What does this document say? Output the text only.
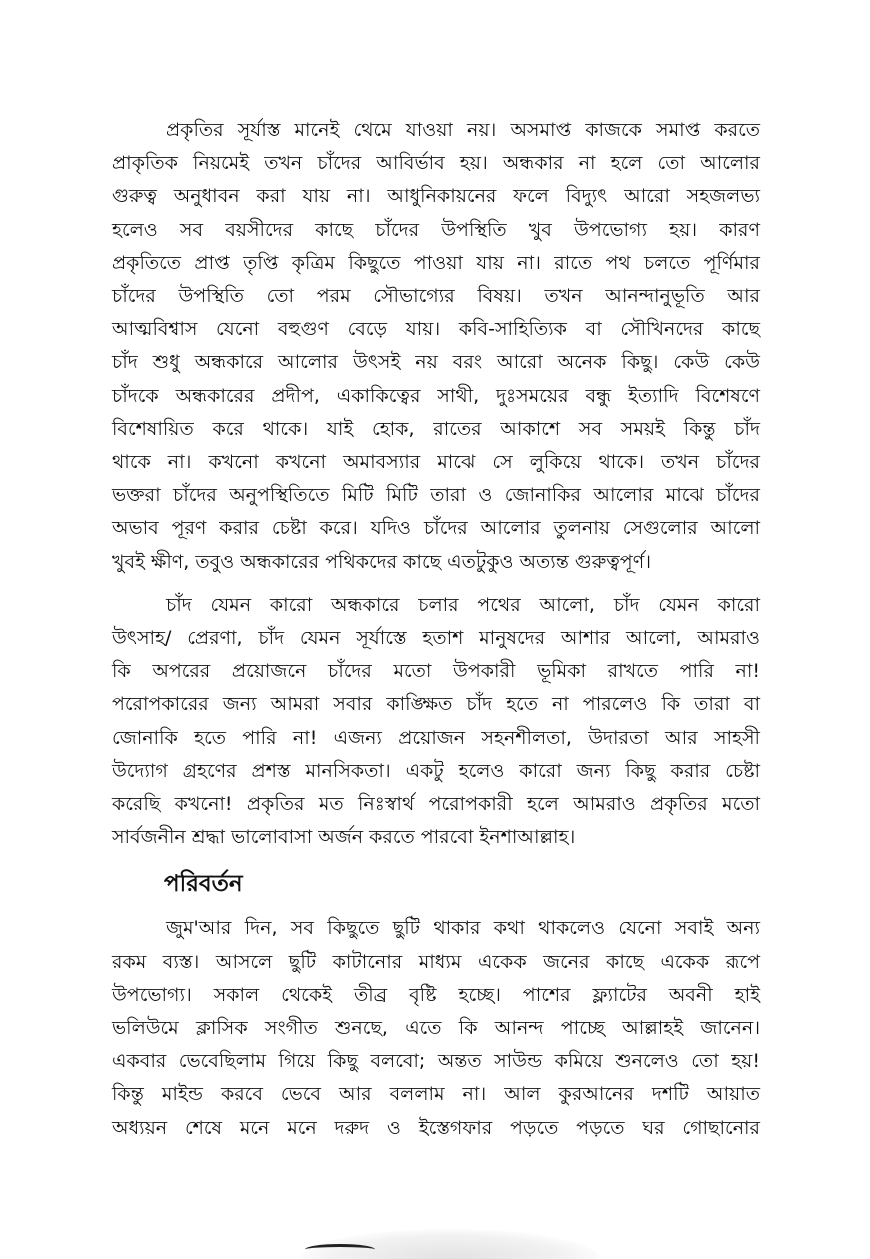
প্রকৃতির সূর্যাস্ত মানেই থেমে যাওয়া নয়। অসমাপ্ত কাজকে সমাপ্ত করতে
প্রাকৃতিক নিয়মেই তখন চাঁদের আবির্ভাব হয়। অন্ধকার না হলে তো আলোর
গুরুত্ব অনুধাবন করা যায় না। আধুনিকায়নের ফলে বিদ্যুৎ আরো সহজলভ্য
হলেও সব বয়সীদের কাছে চাঁদের উপস্থিতি খুব উপভোগ্য হয়। কারণ
প্রকৃতিতে প্রাপ্ত তৃপ্তি কৃত্রিম কিছুতে পাওয়া যায় না। রাতে পথ চলতে পূর্ণিমার
চাঁদের উপস্থিতি তো পরম সৌভাগ্যের বিষয়। তখন আনন্দানুভূতি আর
আত্মবিশ্বাস যেনো বহুগুণ বেড়ে যায়। কবি-সাহিত্যিক বা সৌখিনদের কাছে
চাঁদ শুধু অন্ধকারে আলোর উৎসই নয় বরং আরো অনেক কিছু। কেউ কেউ
চাঁদকে অন্ধকারের প্রদীপ, একাকিত্বের সাথী, দুঃসময়ের বন্ধু ইত্যাদি বিশেষণে
বিশেষায়িত করে থাকে। যাই হোক, রাতের আকাশে সব সময়ই কিন্তু চাঁদ
থাকে না। কখনো কখনো অমাবস্যার মাঝে সে লুকিয়ে থাকে। তখন চাঁদের
ভক্তরা চাঁদের অনুপস্থিতিতে মিটি মিটি তারা ও জোনাকির আলোর মাঝে চাঁদের
অভাব পূরণ করার চেষ্টা করে। যদিও চাঁদের আলোর তুলনায় সেগুলোর আলো
খুবই ক্ষীণ, তবুও অন্ধকারের পথিকদের কাছে এতটুকুও অত্যন্ত গুরুত্বপূর্ণ।
চাঁদ যেমন কারো অন্ধকারে চলার পথের আলো, চাঁদ যেমন কারো
উৎসাহ/ প্রেরণা, চাঁদ যেমন সূর্যাস্তে হতাশ মানুষদের আশার আলো, আমরাও
কি অপরের প্রয়োজনে চাঁদের মতো উপকারী ভূমিকা রাখতে পারি না!
পরোপকারের জন্য আমরা সবার কাঙ্ক্ষিত চাঁদ হতে না পারলেও কি তারা বা
জোনাকি হতে পারি না! এজন্য প্রয়োজন সহনশীলতা, উদারতা আর সাহসী
উদ্যোগ গ্রহণের প্রশস্ত মানসিকতা। একটু হলেও কারো জন্য কিছু করার চেষ্টা
করেছি কখনো! প্রকৃতির মত নিঃস্বার্থ পরোপকারী হলে আমরাও প্রকৃতির মতো
সার্বজনীন শ্রদ্ধা ভালোবাসা অর্জন করতে পারবো ইনশাআল্লাহ।
পরিবর্তন
জুম'আর দিন, সব কিছুতে ছুটি থাকার কথা থাকলেও যেনো সবাই অন্য
রকম ব্যস্ত। আসলে ছুটি কাটানোর মাধ্যম একেক জনের কাছে একেক রূপে
উপভোগ্য। সকাল থেকেই তীব্র বৃষ্টি হচ্ছে। পাশের ফ্ল্যাটের অবনী হাই
ভলিউমে ক্লাসিক সংগীত শুনছে, এতে কি আনন্দ পাচ্ছে আল্লাহই জানেন।
একবার ভেবেছিলাম গিয়ে কিছু বলবো; অন্তত সাউন্ড কমিয়ে শুনলেও তো হয়!
কিন্তু মাইন্ড করবে ভেবে আর বললাম না। আল কুরআনের দশটি আয়াত
অধ্যয়ন শেষে মনে মনে দরুদ ও ইস্তেগফার পড়তে পড়তে ঘর গোছানোর
